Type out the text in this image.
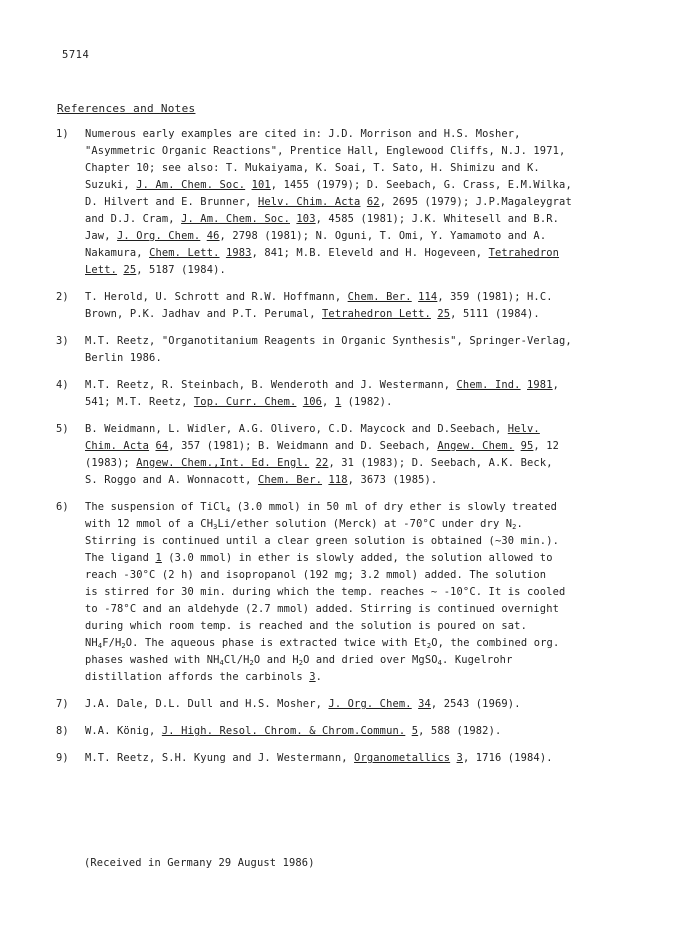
5714
References and Notes
1)	Numerous early examples are cited in: J.D. Morrison and H.S. Mosher,
"Asymmetric Organic Reactions", Prentice Hall, Englewood Cliffs, N.J. 1971,
Chapter 10; see also: T. Mukaiyama, K. Soai, T. Sato, H. Shimizu and K.
Suzuki, J. Am. Chem. Soc. 101, 1455 (1979); D. Seebach, G. Crass, E.M.Wilka,
D. Hilvert and E. Brunner, Helv. Chim. Acta 62, 2695 (1979); J.P.Magaleygrat
and D.J. Cram, J. Am. Chem. Soc. 103, 4585 (1981); J.K. Whitesell and B.R.
Jaw, J. Org. Chem. 46, 2798 (1981); N. Oguni, T. Omi, Y. Yamamoto and A.
Nakamura, Chem. Lett. 1983, 841; M.B. Eleveld and H. Hogeveen, Tetrahedron
Lett. 25, 5187 (1984).
2)	T. Herold, U. Schrott and R.W. Hoffmann, Chem. Ber. 114, 359 (1981); H.C.
Brown, P.K. Jadhav and P.T. Perumal, Tetrahedron Lett. 25, 5111 (1984).
3)	M.T. Reetz, "Organotitanium Reagents in Organic Synthesis", Springer-Verlag,
Berlin 1986.
4)	M.T. Reetz, R. Steinbach, B. Wenderoth and J. Westermann, Chem. Ind. 1981,
541; M.T. Reetz, Top. Curr. Chem. 106, 1 (1982).
5)	B. Weidmann, L. Widler, A.G. Olivero, C.D. Maycock and D.Seebach, Helv.
Chim. Acta 64, 357 (1981); B. Weidmann and D. Seebach, Angew. Chem. 95, 12
(1983); Angew. Chem.,Int. Ed. Engl. 22, 31 (1983); D. Seebach, A.K. Beck,
S. Roggo and A. Wonnacott, Chem. Ber. 118, 3673 (1985).
6)	The suspension of TiCl$_4$ (3.0 mmol) in 50 ml of dry ether is slowly treated
with 12 mmol of a $CH_3Li$/ether solution (Merck) at -70°C under dry $N_2$.
Stirring is continued until a clear green solution is obtained (∼30 min.).
The ligand 1 (3.0 mmol) in ether is slowly added, the solution allowed to
reach -30°C (2 h) and isopropanol (192 mg; 3.2 mmol) added. The solution
is stirred for 30 min. during which the temp. reaches ∼ -10°C. It is cooled
to -78°C and an aldehyde (2.7 mmol) added. Stirring is continued overnight
during which room temp. is reached and the solution is poured on sat.
$NH_4F/H_2O$. The aqueous phase is extracted twice with $Et_2O$, the combined org.
phases washed with $NH_4Cl/H_2O$ and $H_2O$ and dried over MgSO$_4$. Kugelrohr
distillation affords the carbinols 3.
7)	J.A. Dale, D.L. Dull and H.S. Mosher, J. Org. Chem. 34, 2543 (1969).
8)	W.A. König, J. High. Resol. Chrom. & Chrom.Commun. 5, 588 (1982).
9)	M.T. Reetz, S.H. Kyung and J. Westermann, Organometallics 3, 1716 (1984).
(Received in Germany 29 August 1986)
